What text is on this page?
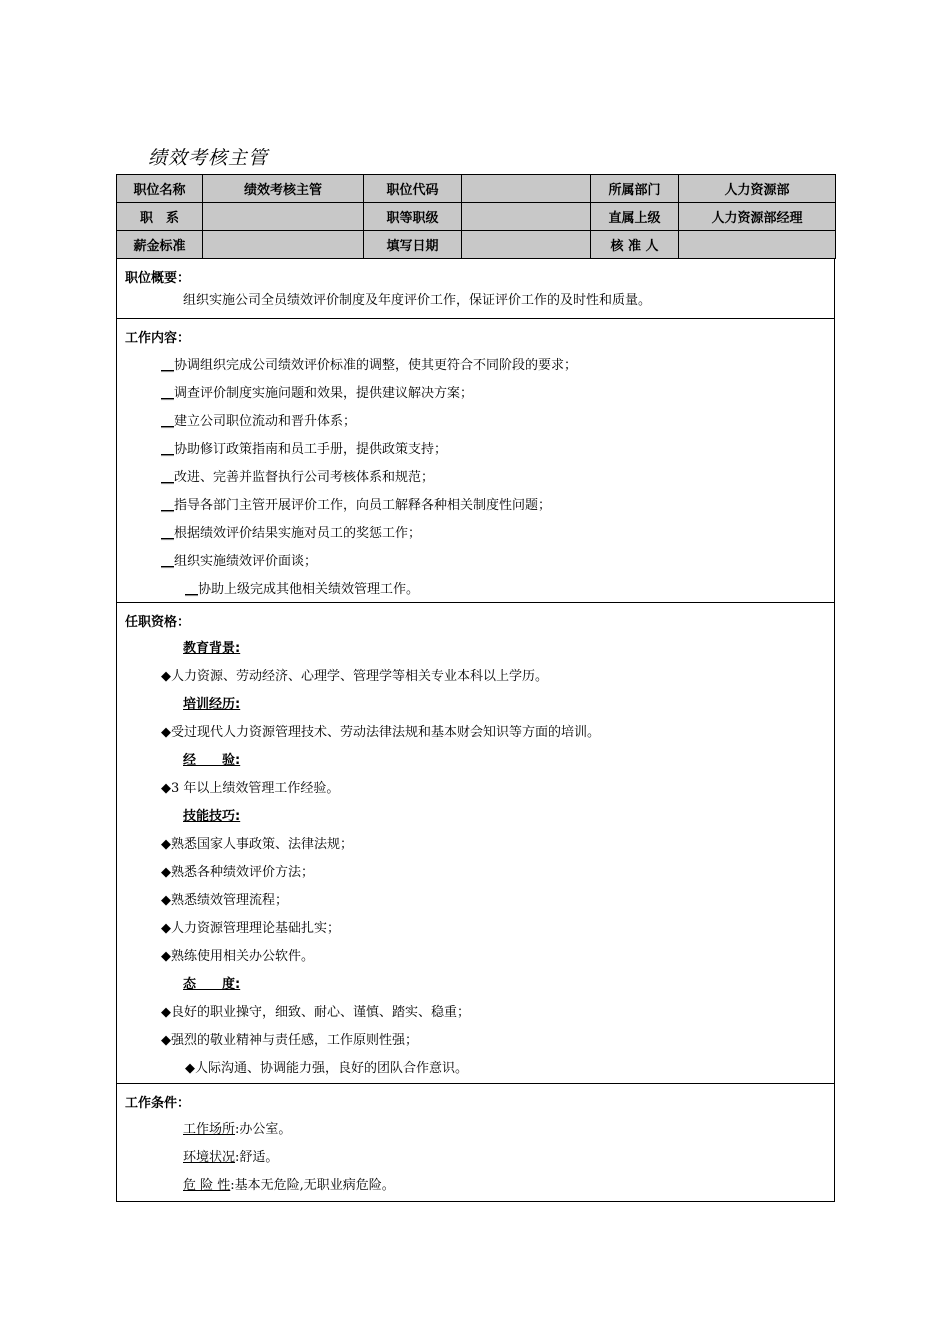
绩效考核主管
职位名称	绩效考核主管	职位代码		所属部门	人力资源部
职　系		职等职级		直属上级	人力资源部经理
薪金标准		填写日期		核 准 人	
职位概要：
组织实施公司全员绩效评价制度及年度评价工作，保证评价工作的及时性和质量。
工作内容：
__协调组织完成公司绩效评价标准的调整，使其更符合不同阶段的要求；
__调查评价制度实施问题和效果，提供建议解决方案；
__建立公司职位流动和晋升体系；
__协助修订政策指南和员工手册，提供政策支持；
__改进、完善并监督执行公司考核体系和规范；
__指导各部门主管开展评价工作，向员工解释各种相关制度性问题；
__根据绩效评价结果实施对员工的奖惩工作；
__组织实施绩效评价面谈；
__协助上级完成其他相关绩效管理工作。
任职资格：
教育背景:
◆人力资源、劳动经济、心理学、管理学等相关专业本科以上学历。
培训经历:
◆受过现代人力资源管理技术、劳动法律法规和基本财会知识等方面的培训。
经　　验:
◆3 年以上绩效管理工作经验。
技能技巧:
◆熟悉国家人事政策、法律法规；
◆熟悉各种绩效评价方法；
◆熟悉绩效管理流程；
◆人力资源管理理论基础扎实；
◆熟练使用相关办公软件。
态　　度:
◆良好的职业操守，细致、耐心、谨慎、踏实、稳重；
◆强烈的敬业精神与责任感，工作原则性强；
◆人际沟通、协调能力强，良好的团队合作意识。
工作条件：
工作场所:办公室。
环境状况:舒适。
危 险 性:基本无危险,无职业病危险。
